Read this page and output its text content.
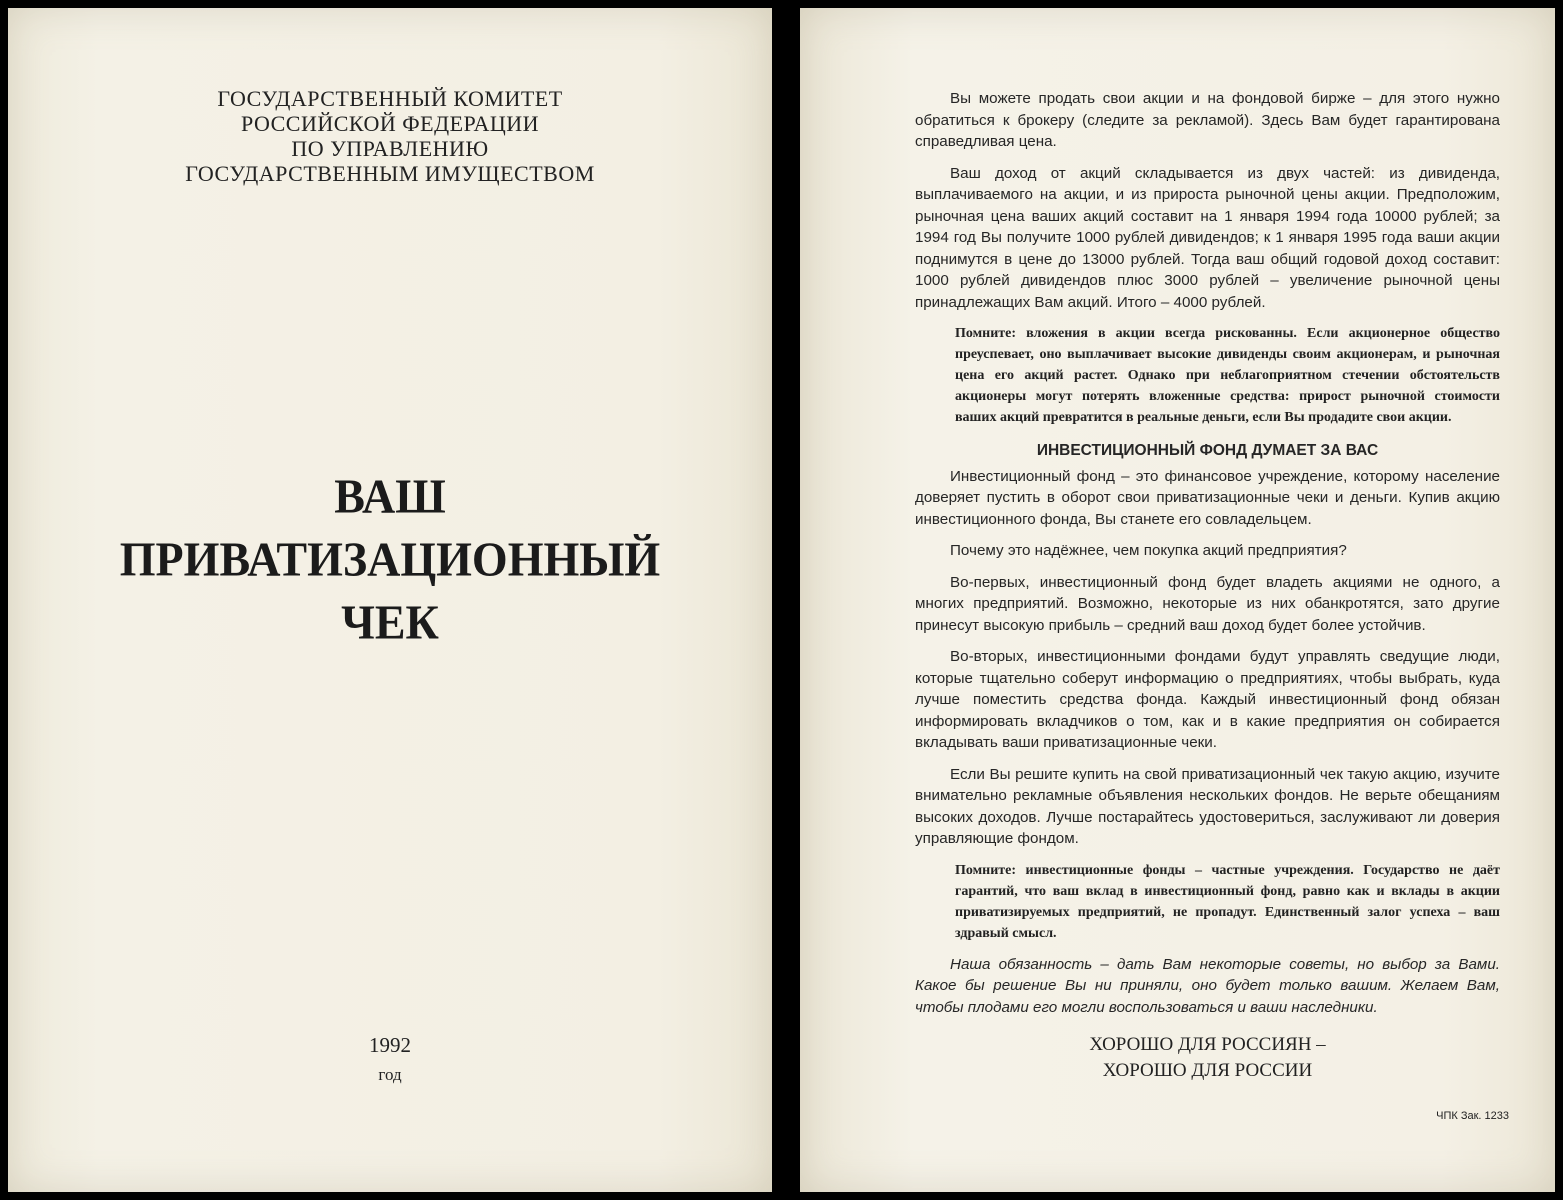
ГОСУДАРСТВЕННЫЙ КОМИТЕТ
РОССИЙСКОЙ ФЕДЕРАЦИИ
ПО УПРАВЛЕНИЮ
ГОСУДАРСТВЕННЫМ ИМУЩЕСТВОМ
ВАШ
ПРИВАТИЗАЦИОННЫЙ
ЧЕК
1992
год

Вы можете продать свои акции и на фондовой бирже – для этого нужно обратиться к брокеру (следите за рекламой). Здесь Вам будет гарантирована справедливая цена.

Ваш доход от акций складывается из двух частей: из дивиденда, выплачиваемого на акции, и из прироста рыночной цены акции. Предположим, рыночная цена ваших акций составит на 1 января 1994 года 10000 рублей; за 1994 год Вы получите 1000 рублей дивидендов; к 1 января 1995 года ваши акции поднимутся в цене до 13000 рублей. Тогда ваш общий годовой доход составит: 1000 рублей дивидендов плюс 3000 рублей – увеличение рыночной цены принадлежащих Вам акций. Итого – 4000 рублей.

Помните: вложения в акции всегда рискованны. Если акционерное общество преуспевает, оно выплачивает высокие дивиденды своим акционерам, и рыночная цена его акций растет. Однако при неблагоприятном стечении обстоятельств акционеры могут потерять вложенные средства: прирост рыночной стоимости ваших акций превратится в реальные деньги, если Вы продадите свои акции.

ИНВЕСТИЦИОННЫЙ ФОНД ДУМАЕТ ЗА ВАС

Инвестиционный фонд – это финансовое учреждение, которому население доверяет пустить в оборот свои приватизационные чеки и деньги. Купив акцию инвестиционного фонда, Вы станете его совладельцем.

Почему это надёжнее, чем покупка акций предприятия?

Во-первых, инвестиционный фонд будет владеть акциями не одного, а многих предприятий. Возможно, некоторые из них обанкротятся, зато другие принесут высокую прибыль – средний ваш доход будет более устойчив.

Во-вторых, инвестиционными фондами будут управлять сведущие люди, которые тщательно соберут информацию о предприятиях, чтобы выбрать, куда лучше поместить средства фонда. Каждый инвестиционный фонд обязан информировать вкладчиков о том, как и в какие предприятия он собирается вкладывать ваши приватизационные чеки.

Если Вы решите купить на свой приватизационный чек такую акцию, изучите внимательно рекламные объявления нескольких фондов. Не верьте обещаниям высоких доходов. Лучше постарайтесь удостовериться, заслуживают ли доверия управляющие фондом.

Помните: инвестиционные фонды – частные учреждения. Государство не даёт гарантий, что ваш вклад в инвестиционный фонд, равно как и вклады в акции приватизируемых предприятий, не пропадут. Единственный залог успеха – ваш здравый смысл.

Наша обязанность – дать Вам некоторые советы, но выбор за Вами. Какое бы решение Вы ни приняли, оно будет только вашим. Желаем Вам, чтобы плодами его могли воспользоваться и ваши наследники.

ХОРОШО ДЛЯ РОССИЯН –
ХОРОШО ДЛЯ РОССИИ
ЧПК Зак. 1233
